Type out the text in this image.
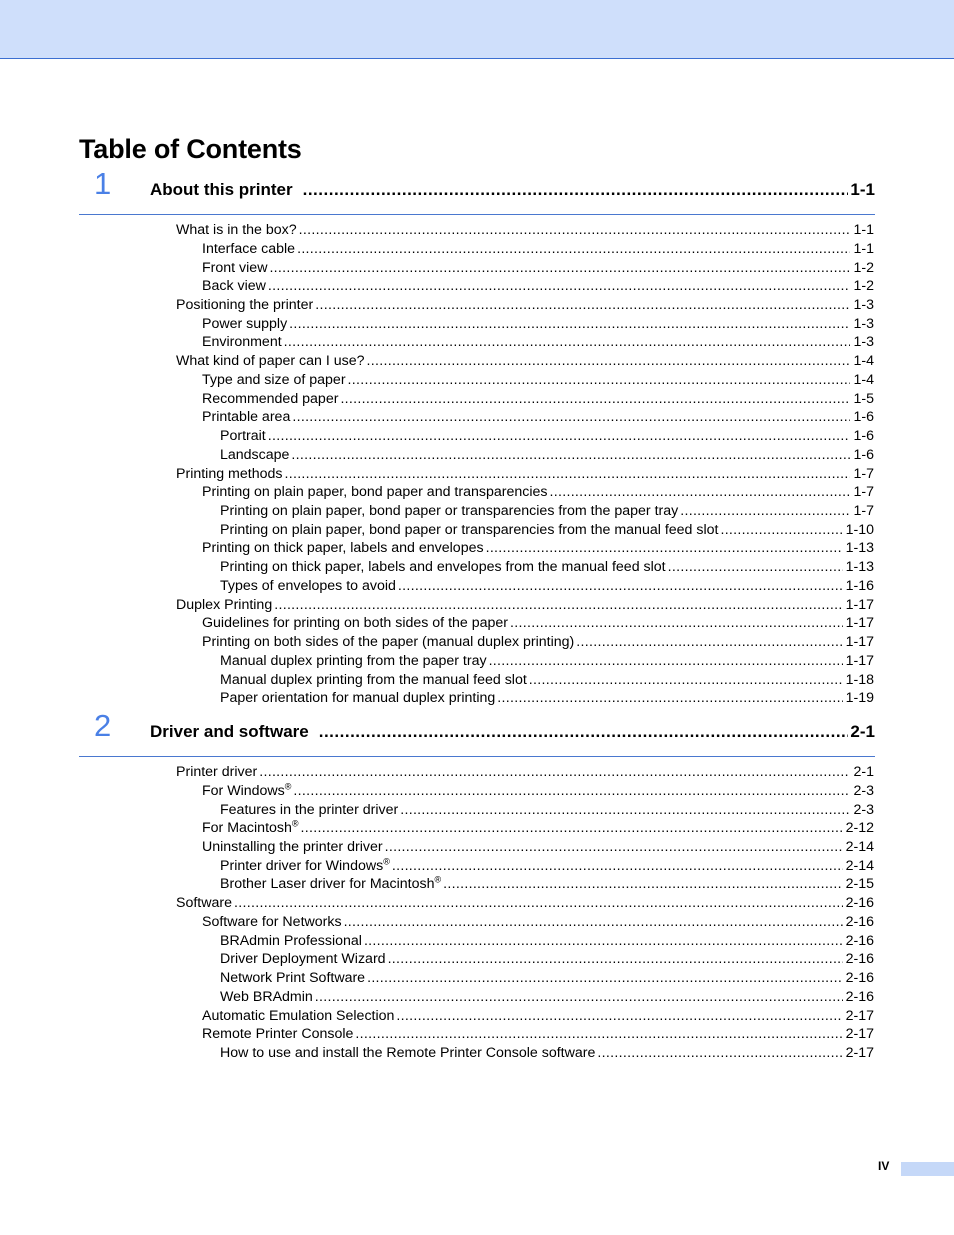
Table of Contents
1 About this printer .....	1-1
What is in the box? .....	1-1
Interface cable .....	1-1
Front view .....	1-2
Back view .....	1-2
Positioning the printer .....	1-3
Power supply .....	1-3
Environment .....	1-3
What kind of paper can I use? .....	1-4
Type and size of paper .....	1-4
Recommended paper .....	1-5
Printable area .....	1-6
Portrait .....	1-6
Landscape .....	1-6
Printing methods .....	1-7
Printing on plain paper, bond paper and transparencies .....	1-7
Printing on plain paper, bond paper or transparencies from the paper tray .....	1-7
Printing on plain paper, bond paper or transparencies from the manual feed slot .....	1-10
Printing on thick paper, labels and envelopes .....	1-13
Printing on thick paper, labels and envelopes from the manual feed slot .....	1-13
Types of envelopes to avoid .....	1-16
Duplex Printing .....	1-17
Guidelines for printing on both sides of the paper .....	1-17
Printing on both sides of the paper (manual duplex printing) .....	1-17
Manual duplex printing from the paper tray .....	1-17
Manual duplex printing from the manual feed slot .....	1-18
Paper orientation for manual duplex printing .....	1-19
2 Driver and software .....	2-1
Printer driver .....	2-1
For Windows® .....	2-3
Features in the printer driver .....	2-3
For Macintosh® .....	2-12
Uninstalling the printer driver .....	2-14
Printer driver for Windows® .....	2-14
Brother Laser driver for Macintosh® .....	2-15
Software .....	2-16
Software for Networks .....	2-16
BRAdmin Professional .....	2-16
Driver Deployment Wizard .....	2-16
Network Print Software .....	2-16
Web BRAdmin .....	2-16
Automatic Emulation Selection .....	2-17
Remote Printer Console .....	2-17
How to use and install the Remote Printer Console software .....	2-17
IV
